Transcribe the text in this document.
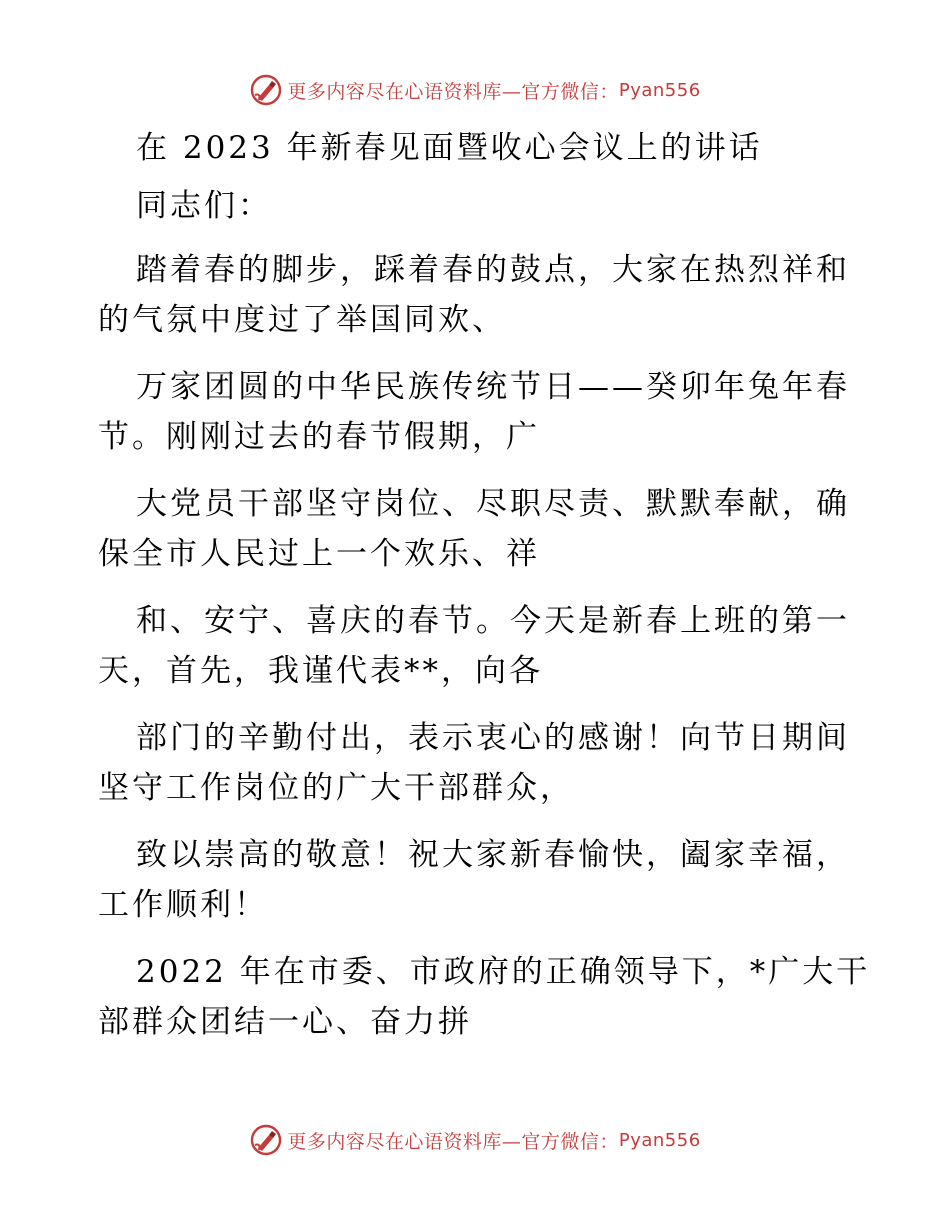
更多内容尽在心语资料库—官方微信： Pyan556
在 2023 年新春见面暨收心会议上的讲话
同志们：
踏着春的脚步，踩着春的鼓点，大家在热烈祥和
的气氛中度过了举国同欢、
万家团圆的中华民族传统节日——癸卯年兔年春
节。刚刚过去的春节假期，广
大党员干部坚守岗位、尽职尽责、默默奉献，确
保全市人民过上一个欢乐、祥
和、安宁、喜庆的春节。今天是新春上班的第一
天，首先，我谨代表**，向各
部门的辛勤付出，表示衷心的感谢！向节日期间
坚守工作岗位的广大干部群众，
致以崇高的敬意！祝大家新春愉快，阖家幸福，
工作顺利！
2022 年在市委、市政府的正确领导下，*广大干
部群众团结一心、奋力拼
更多内容尽在心语资料库—官方微信： Pyan556
